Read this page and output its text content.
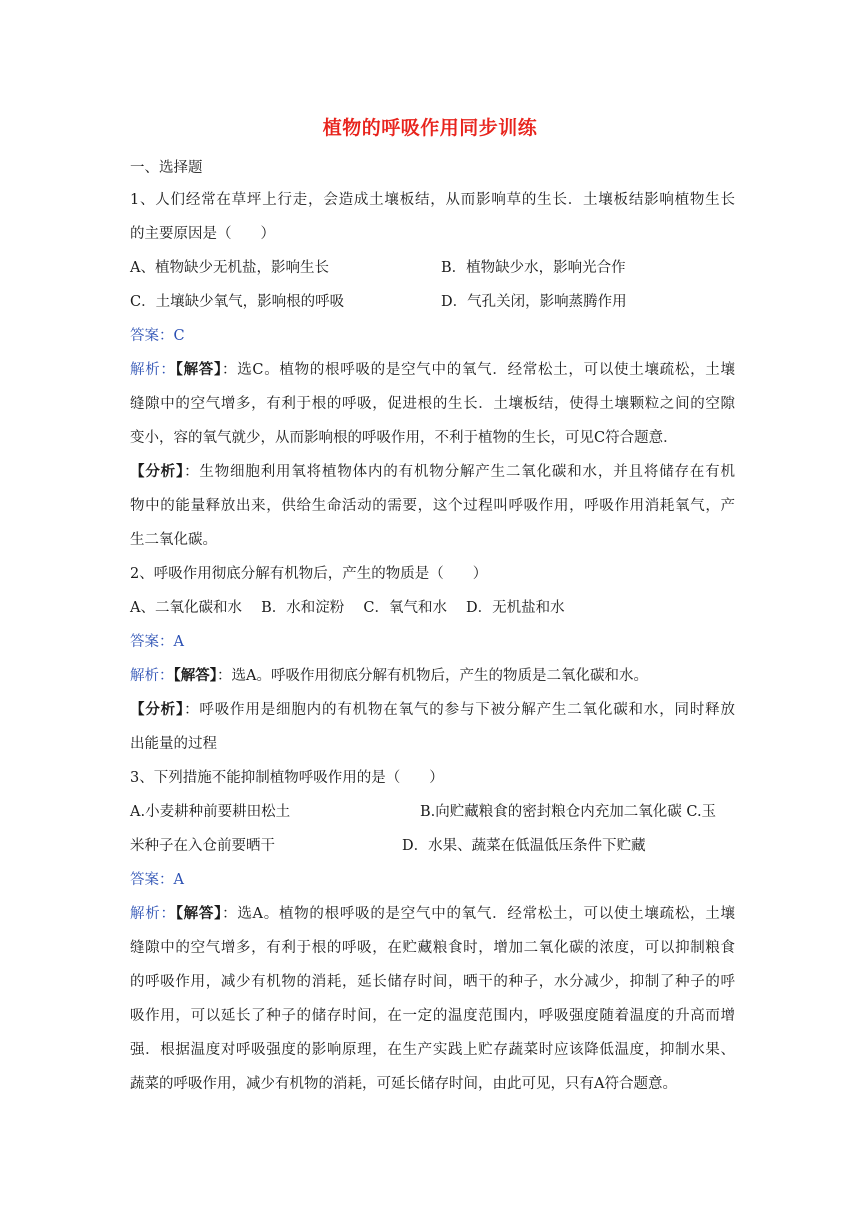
植物的呼吸作用同步训练
一、选择题
1、人们经常在草坪上行走，会造成土壤板结，从而影响草的生长．土壤板结影响植物生长
的主要原因是（　　）
A、植物缺少无机盐，影响生长	B．植物缺少水，影响光合作
C．土壤缺少氧气，影响根的呼吸	D．气孔关闭，影响蒸腾作用
答案：C
解析：【解答】：选C。植物的根呼吸的是空气中的氧气．经常松土，可以使土壤疏松，土壤
缝隙中的空气增多，有利于根的呼吸，促进根的生长．土壤板结，使得土壤颗粒之间的空隙
变小，容的氧气就少，从而影响根的呼吸作用，不利于植物的生长，可见C符合题意．
【分析】：生物细胞利用氧将植物体内的有机物分解产生二氧化碳和水，并且将储存在有机
物中的能量释放出来，供给生命活动的需要，这个过程叫呼吸作用，呼吸作用消耗氧气，产
生二氧化碳。
2、呼吸作用彻底分解有机物后，产生的物质是（　　）
A、二氧化碳和水　 B．水和淀粉　 C．氧气和水　 D．无机盐和水
答案：A
解析：【解答】：选A。呼吸作用彻底分解有机物后，产生的物质是二氧化碳和水。
【分析】：呼吸作用是细胞内的有机物在氧气的参与下被分解产生二氧化碳和水，同时释放
出能量的过程
3、下列措施不能抑制植物呼吸作用的是（　　）
A.小麦耕种前要耕田松土	B.向贮藏粮食的密封粮仓内充加二氧化碳 C.玉
米种子在入仓前要晒干	D．水果、蔬菜在低温低压条件下贮藏
答案：A
解析：【解答】：选A。植物的根呼吸的是空气中的氧气．经常松土，可以使土壤疏松，土壤
缝隙中的空气增多，有利于根的呼吸，在贮藏粮食时，增加二氧化碳的浓度，可以抑制粮食
的呼吸作用，减少有机物的消耗，延长储存时间，晒干的种子，水分减少，抑制了种子的呼
吸作用，可以延长了种子的储存时间，在一定的温度范围内，呼吸强度随着温度的升高而增
强．根据温度对呼吸强度的影响原理，在生产实践上贮存蔬菜时应该降低温度，抑制水果、
蔬菜的呼吸作用，减少有机物的消耗，可延长储存时间，由此可见，只有A符合题意。
